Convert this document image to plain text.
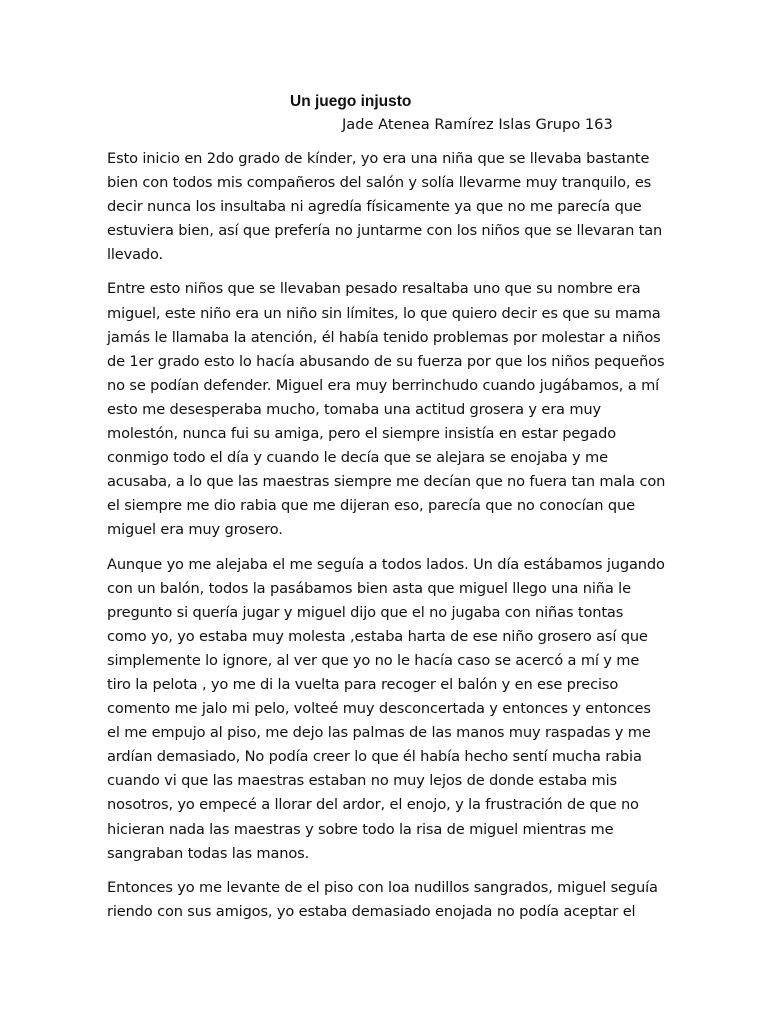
Un juego injusto

Jade Atenea Ramírez Islas Grupo 163

Esto inicio en 2do grado de kínder, yo era una niña que se llevaba bastante bien con todos mis compañeros del salón y solía llevarme muy tranquilo, es decir nunca los insultaba ni agredía físicamente ya que no me parecía que estuviera bien, así que prefería no juntarme con los niños que se llevaran tan llevado.

Entre esto niños que se llevaban pesado resaltaba uno que su nombre era miguel, este niño era un niño sin límites, lo que quiero decir es que su mama jamás le llamaba la atención, él había tenido problemas por molestar a niños de 1er grado esto lo hacía abusando de su fuerza por que los niños pequeños no se podían defender. Miguel era muy berrinchudo cuando jugábamos, a mí esto me desesperaba mucho, tomaba una actitud grosera y era muy molestón, nunca fui su amiga, pero el siempre insistía en estar pegado conmigo todo el día y cuando le decía que se alejara se enojaba y me acusaba, a lo que las maestras siempre me decían que no fuera tan mala con el siempre me dio rabia que me dijeran eso, parecía que no conocían que miguel era muy grosero.

Aunque yo me alejaba el me seguía a todos lados. Un día estábamos jugando con un balón, todos la pasábamos bien asta que miguel llego una niña le pregunto si quería jugar y miguel dijo que el no jugaba con niñas tontas como yo, yo estaba muy molesta ,estaba harta de ese niño grosero así que simplemente lo ignore, al ver que yo no le hacía caso se acercó a mí y me tiro la pelota , yo me di la vuelta para recoger el balón y en ese preciso comento me jalo mi pelo, volteé muy desconcertada y entonces y entonces el me empujo al piso, me dejo las palmas de las manos muy raspadas y me ardían demasiado, No podía creer lo que él había hecho sentí mucha rabia cuando vi que las maestras estaban no muy lejos de donde estaba mis nosotros, yo empecé a llorar del ardor, el enojo, y la frustración de que no hicieran nada las maestras y sobre todo la risa de miguel mientras me sangraban todas las manos.

Entonces yo me levante de el piso con loa nudillos sangrados, miguel seguía riendo con sus amigos, yo estaba demasiado enojada no podía aceptar el
